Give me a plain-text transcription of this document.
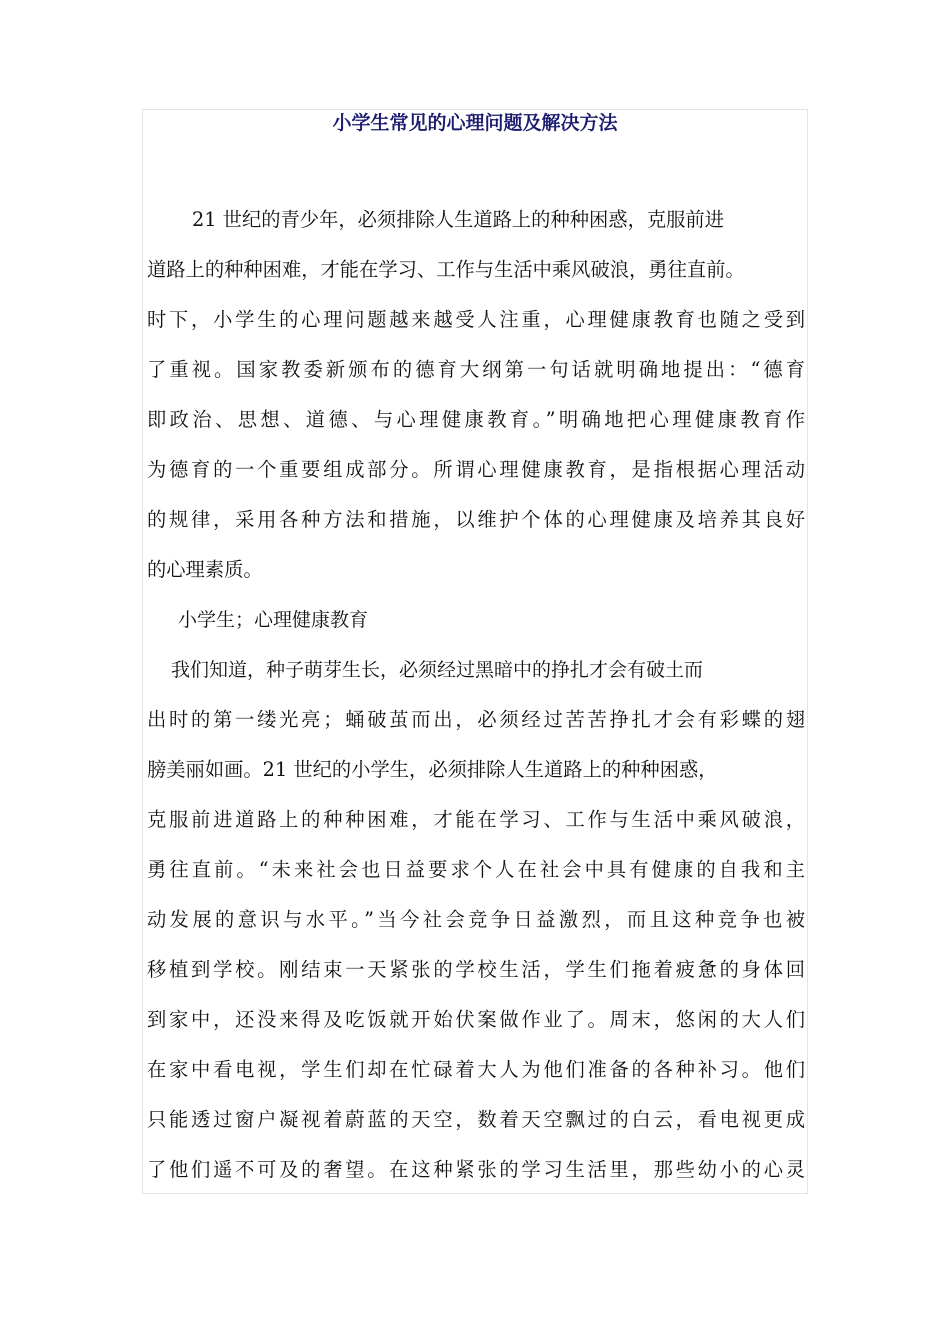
小学生常见的心理问题及解决方法
21 世纪的青少年，必须排除人生道路上的种种困惑，克服前进
道路上的种种困难，才能在学习、工作与生活中乘风破浪，勇往直前。
时下，小学生的心理问题越来越受人注重，心理健康教育也随之受到
了重视。国家教委新颁布的德育大纲第一句话就明确地提出：“德育
即政治、思想、道德、与心理健康教育。”明确地把心理健康教育作
为德育的一个重要组成部分。所谓心理健康教育，是指根据心理活动
的规律，采用各种方法和措施，以维护个体的心理健康及培养其良好
的心理素质。
小学生；心理健康教育
我们知道，种子萌芽生长，必须经过黑暗中的挣扎才会有破土而
出时的第一缕光亮；蛹破茧而出，必须经过苦苦挣扎才会有彩蝶的翅
膀美丽如画。21 世纪的小学生，必须排除人生道路上的种种困惑，
克服前进道路上的种种困难，才能在学习、工作与生活中乘风破浪，
勇往直前。“未来社会也日益要求个人在社会中具有健康的自我和主
动发展的意识与水平。”当今社会竞争日益激烈，而且这种竞争也被
移植到学校。刚结束一天紧张的学校生活，学生们拖着疲惫的身体回
到家中，还没来得及吃饭就开始伏案做作业了。周末，悠闲的大人们
在家中看电视，学生们却在忙碌着大人为他们准备的各种补习。他们
只能透过窗户凝视着蔚蓝的天空，数着天空飘过的白云，看电视更成
了他们遥不可及的奢望。在这种紧张的学习生活里，那些幼小的心灵
